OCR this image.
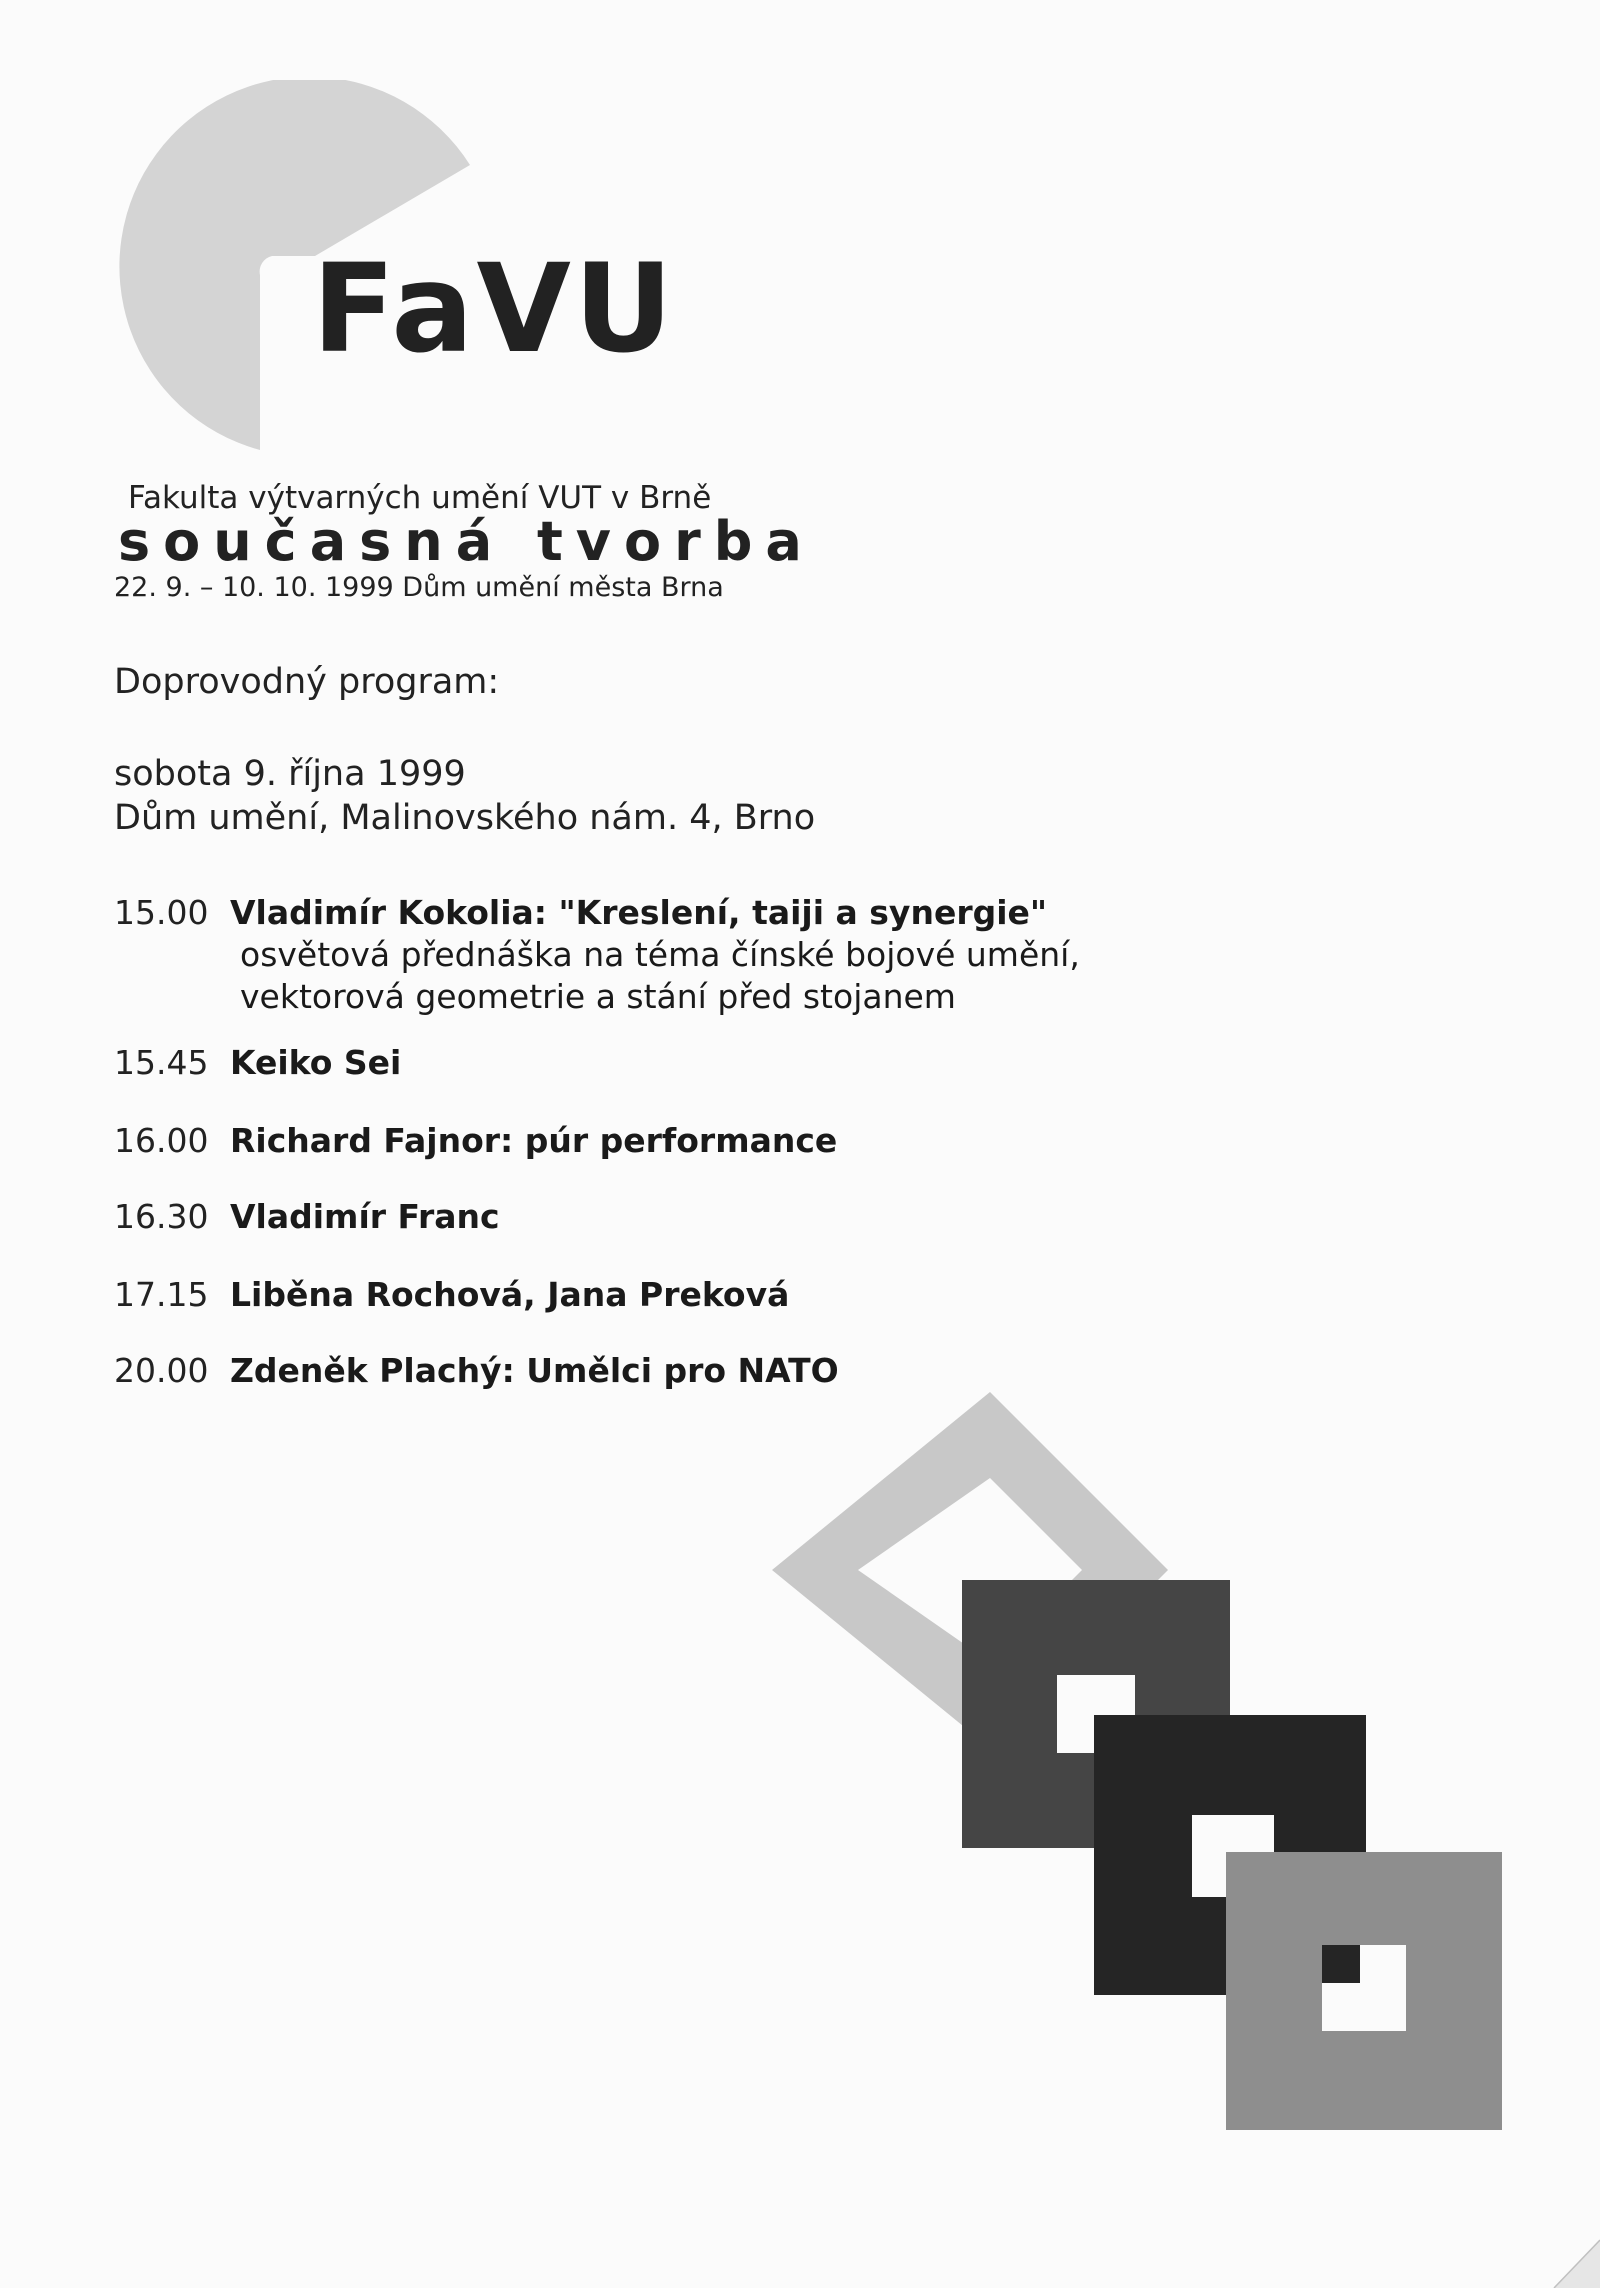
FaVU
Fakulta výtvarných umění VUT v Brně
současná tvorba
22. 9. – 10. 10. 1999 Dům umění města Brna
Doprovodný program:
sobota 9. října 1999
Dům umění, Malinovského nám. 4, Brno
15.00 Vladimír Kokolia: "Kreslení, taiji a synergie"
osvětová přednáška na téma čínské bojové umění,
vektorová geometrie a stání před stojanem
15.45 Keiko Sei
16.00 Richard Fajnor: púr performance
16.30 Vladimír Franc
17.15 Liběna Rochová, Jana Preková
20.00 Zdeněk Plachý: Umělci pro NATO
